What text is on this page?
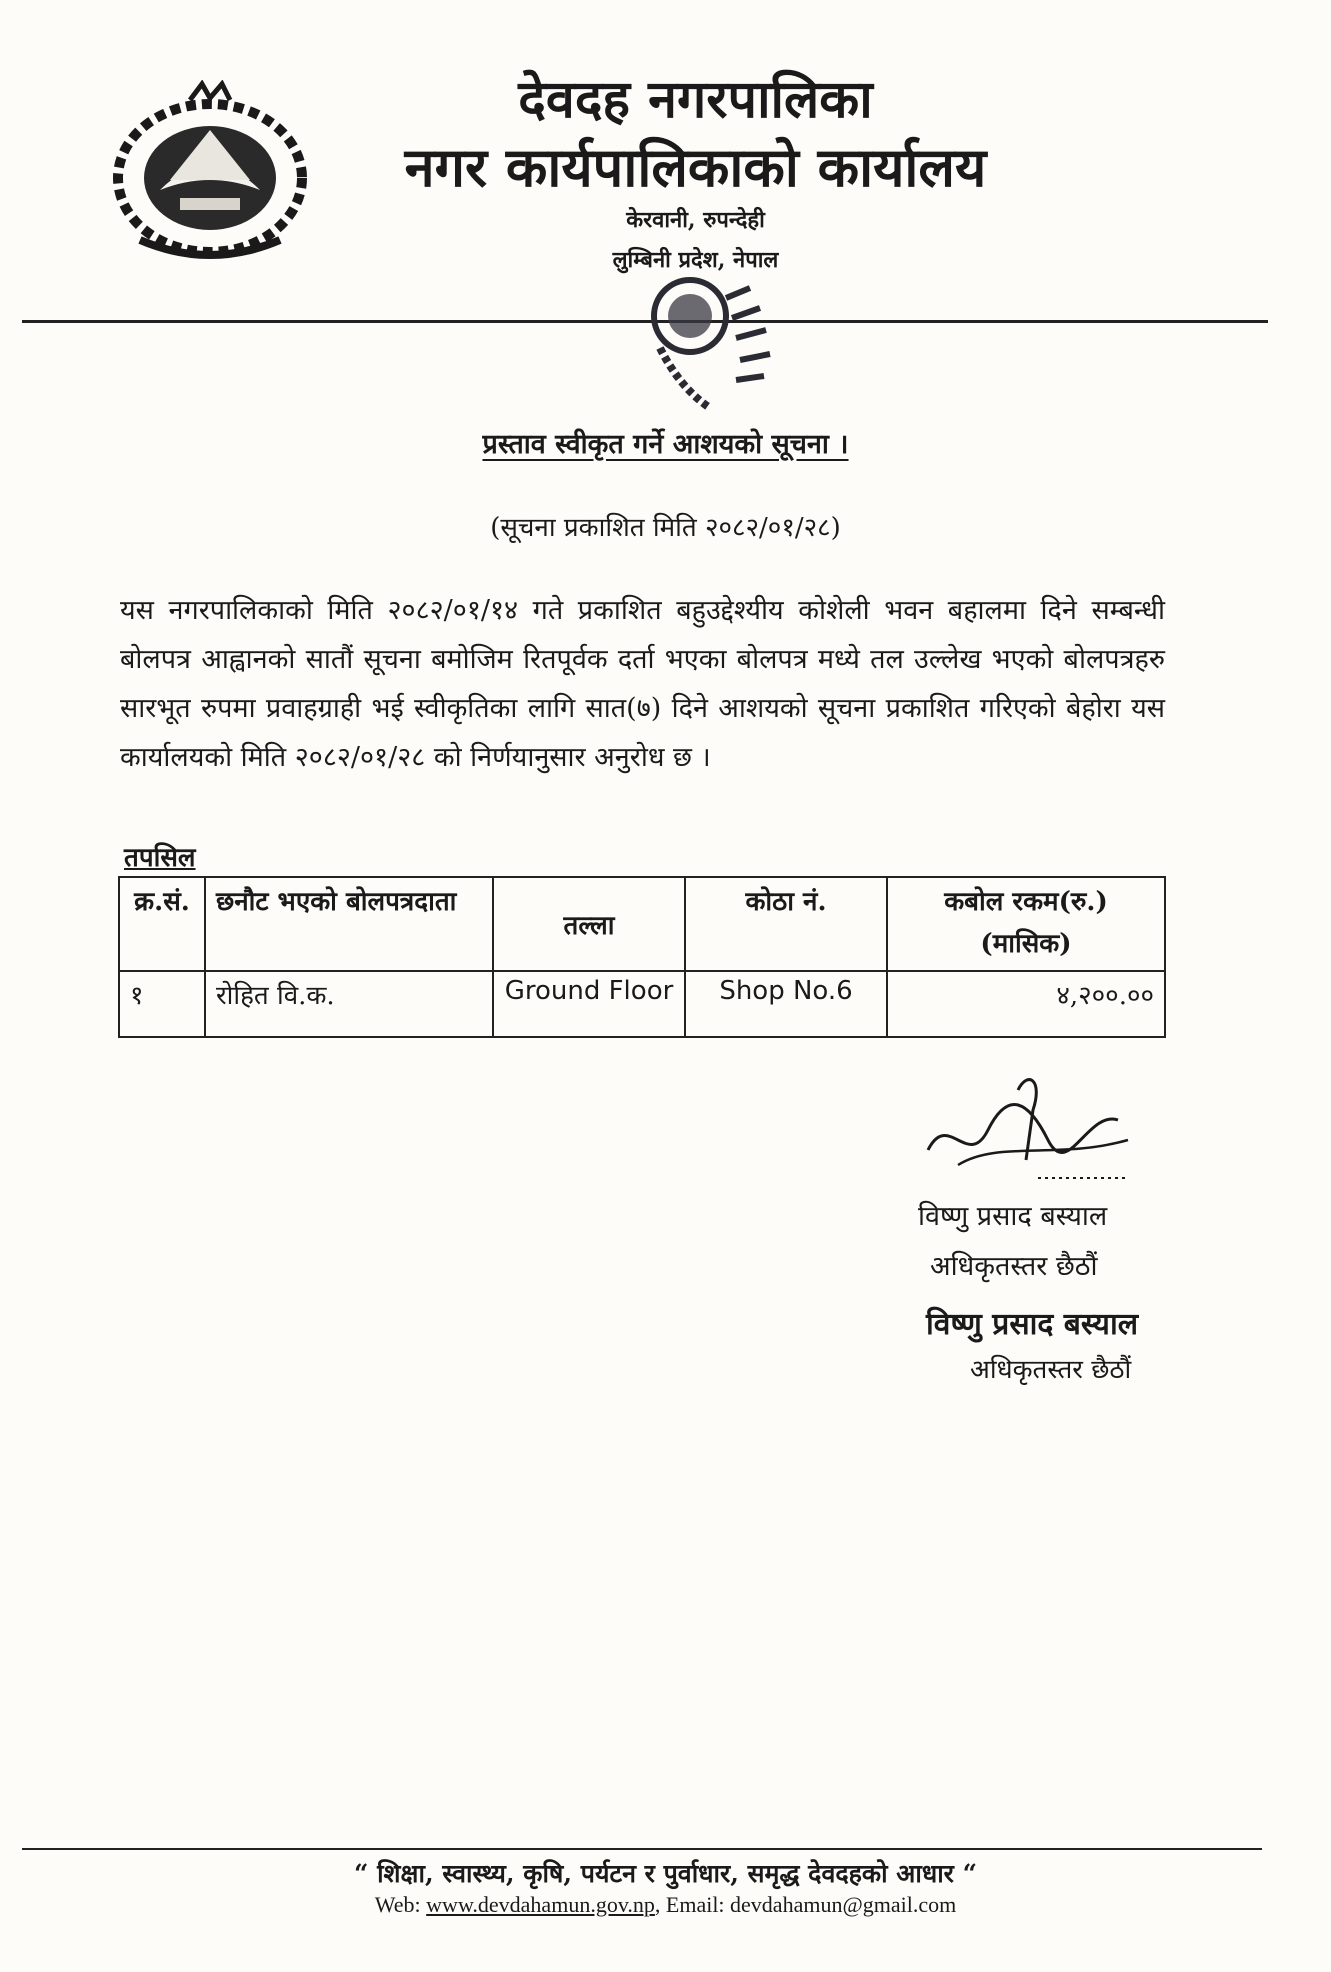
देवदह नगरपालिका
नगर कार्यपालिकाको कार्यालय
केरवानी, रुपन्देही
लुम्बिनी प्रदेश, नेपाल
प्रस्ताव स्वीकृत गर्ने आशयको सूचना ।
(सूचना प्रकाशित मिति २०८२/०१/२८)
यस नगरपालिकाको मिति २०८२/०१/१४ गते प्रकाशित बहुउद्देश्यीय कोशेली भवन बहालमा दिने सम्बन्धी बोलपत्र आह्वानको सातौं सूचना बमोजिम रितपूर्वक दर्ता भएका बोलपत्र मध्ये तल उल्लेख भएको बोलपत्रहरु सारभूत रुपमा प्रवाहग्राही भई स्वीकृतिका लागि सात(७) दिने आशयको सूचना प्रकाशित गरिएको बेहोरा यस कार्यालयको मिति २०८२/०१/२८ को निर्णयानुसार अनुरोध छ ।
तपसिल
क्र.सं.	छनौट भएको बोलपत्रदाता	तल्ला	कोठा नं.	कबोल रकम(रु.)
(मासिक)

१	रोहित वि.क.	Ground Floor	Shop No.6	४,२००.००
विष्णु प्रसाद बस्याल
अधिकृतस्तर छैठौं
विष्णु प्रसाद बस्याल
अधिकृतस्तर छैठौं
“ शिक्षा, स्वास्थ्य, कृषि, पर्यटन र पुर्वाधार, समृद्ध देवदहको आधार “
Web: www.devdahamun.gov.np, Email: devdahamun@gmail.com
